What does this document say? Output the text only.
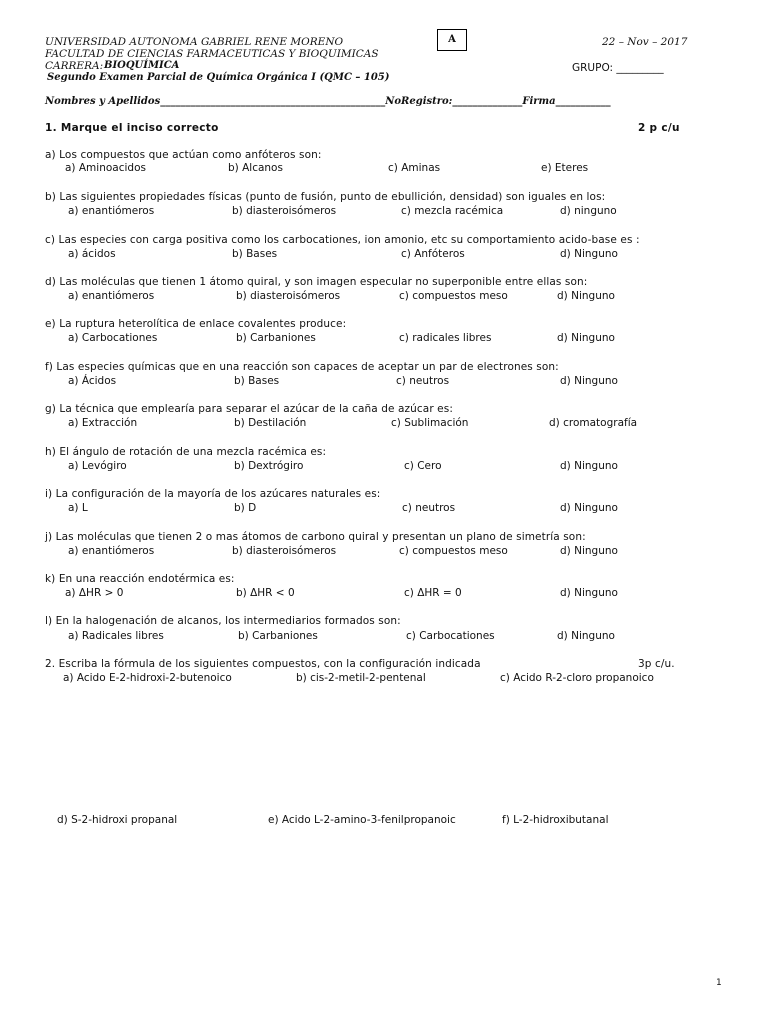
UNIVERSIDAD AUTONOMA GABRIEL RENE MORENO
FACULTAD DE CIENCIAS FARMACEUTICAS Y BIOQUIMICAS
CARRERA: BIOQUÍMICA
Segundo Examen Parcial de Química Orgánica I (QMC – 105)
A	22 – Nov – 2017
GRUPO: _________
Nombres y Apellidos_____________________________________________NoRegistro:______________Firma___________
1. Marque el inciso correcto	2 p c/u
a) Los compuestos que actúan como anfóteros son:
a) Aminoacidos	b) Alcanos	c) Aminas	e) Eteres
b) Las siguientes propiedades físicas (punto de fusión, punto de ebullición, densidad) son iguales en los:
a) enantiómeros	b) diasteroisómeros	c) mezcla racémica	d) ninguno
c) Las especies con carga positiva como los carbocationes, ion amonio, etc su comportamiento acido-base es :
a) ácidos	b) Bases	c) Anfóteros	d) Ninguno
d) Las moléculas que tienen 1 átomo quiral, y son imagen especular no superponible entre ellas son:
a) enantiómeros	b) diasteroisómeros	c) compuestos meso	d) Ninguno
e) La ruptura heterolítica de enlace covalentes produce:
a) Carbocationes	b) Carbaniones	c) radicales libres	d) Ninguno
f) Las especies químicas que en una reacción son capaces de aceptar un par de electrones son:
a) Ácidos	b) Bases	c) neutros	d) Ninguno
g) La técnica que emplearía para separar el azúcar de la caña de azúcar es:
a) Extracción	b) Destilación	c) Sublimación	d) cromatografía
h) El ángulo de rotación de una mezcla racémica es:
a) Levógiro	b) Dextrógiro	c) Cero	d) Ninguno
i) La configuración de la mayoría de los azúcares naturales es:
a) L	b) D	c) neutros	d) Ninguno
j) Las moléculas que tienen 2 o mas átomos de carbono quiral y presentan un plano de simetría son:
a) enantiómeros	b) diasteroisómeros	c) compuestos meso	d) Ninguno
k) En una reacción endotérmica es:
a) ΔHR > 0	b) ΔHR < 0	c) ΔHR = 0	d) Ninguno
l) En la halogenación de alcanos, los intermediarios formados son:
a) Radicales libres	b) Carbaniones	c) Carbocationes	d) Ninguno
2. Escriba la fórmula de los siguientes compuestos, con la configuración indicada	3p c/u.
a) Acido E-2-hidroxi-2-butenoico	b) cis-2-metil-2-pentenal	c) Acido R-2-cloro propanoico
d) S-2-hidroxi propanal	e) Acido L-2-amino-3-fenilpropanoic	f) L-2-hidroxibutanal
1
